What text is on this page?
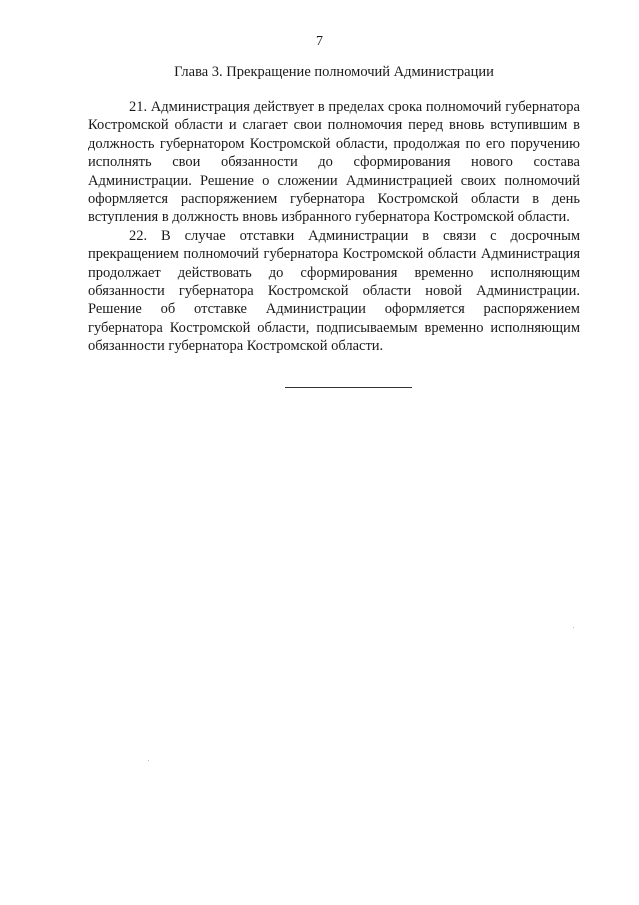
7
Глава 3. Прекращение полномочий Администрации

21. Администрация действует в пределах срока полномочий губернатора Костромской области и слагает свои полномочия перед вновь вступившим в должность губернатором Костромской области, продолжая по его поручению исполнять свои обязанности до сформирования нового состава Администрации. Решение о сложении Администрацией своих полномочий оформляется распоряжением губернатора Костромской области в день вступления в должность вновь избранного губернатора Костромской области.

22. В случае отставки Администрации в связи с досрочным прекращением полномочий губернатора Костромской области Администрация продолжает действовать до сформирования временно исполняющим обязанности губернатора Костромской области новой Администрации. Решение об отставке Администрации оформляется распоряжением губернатора Костромской области, подписываемым временно исполняющим обязанности губернатора Костромской области.
